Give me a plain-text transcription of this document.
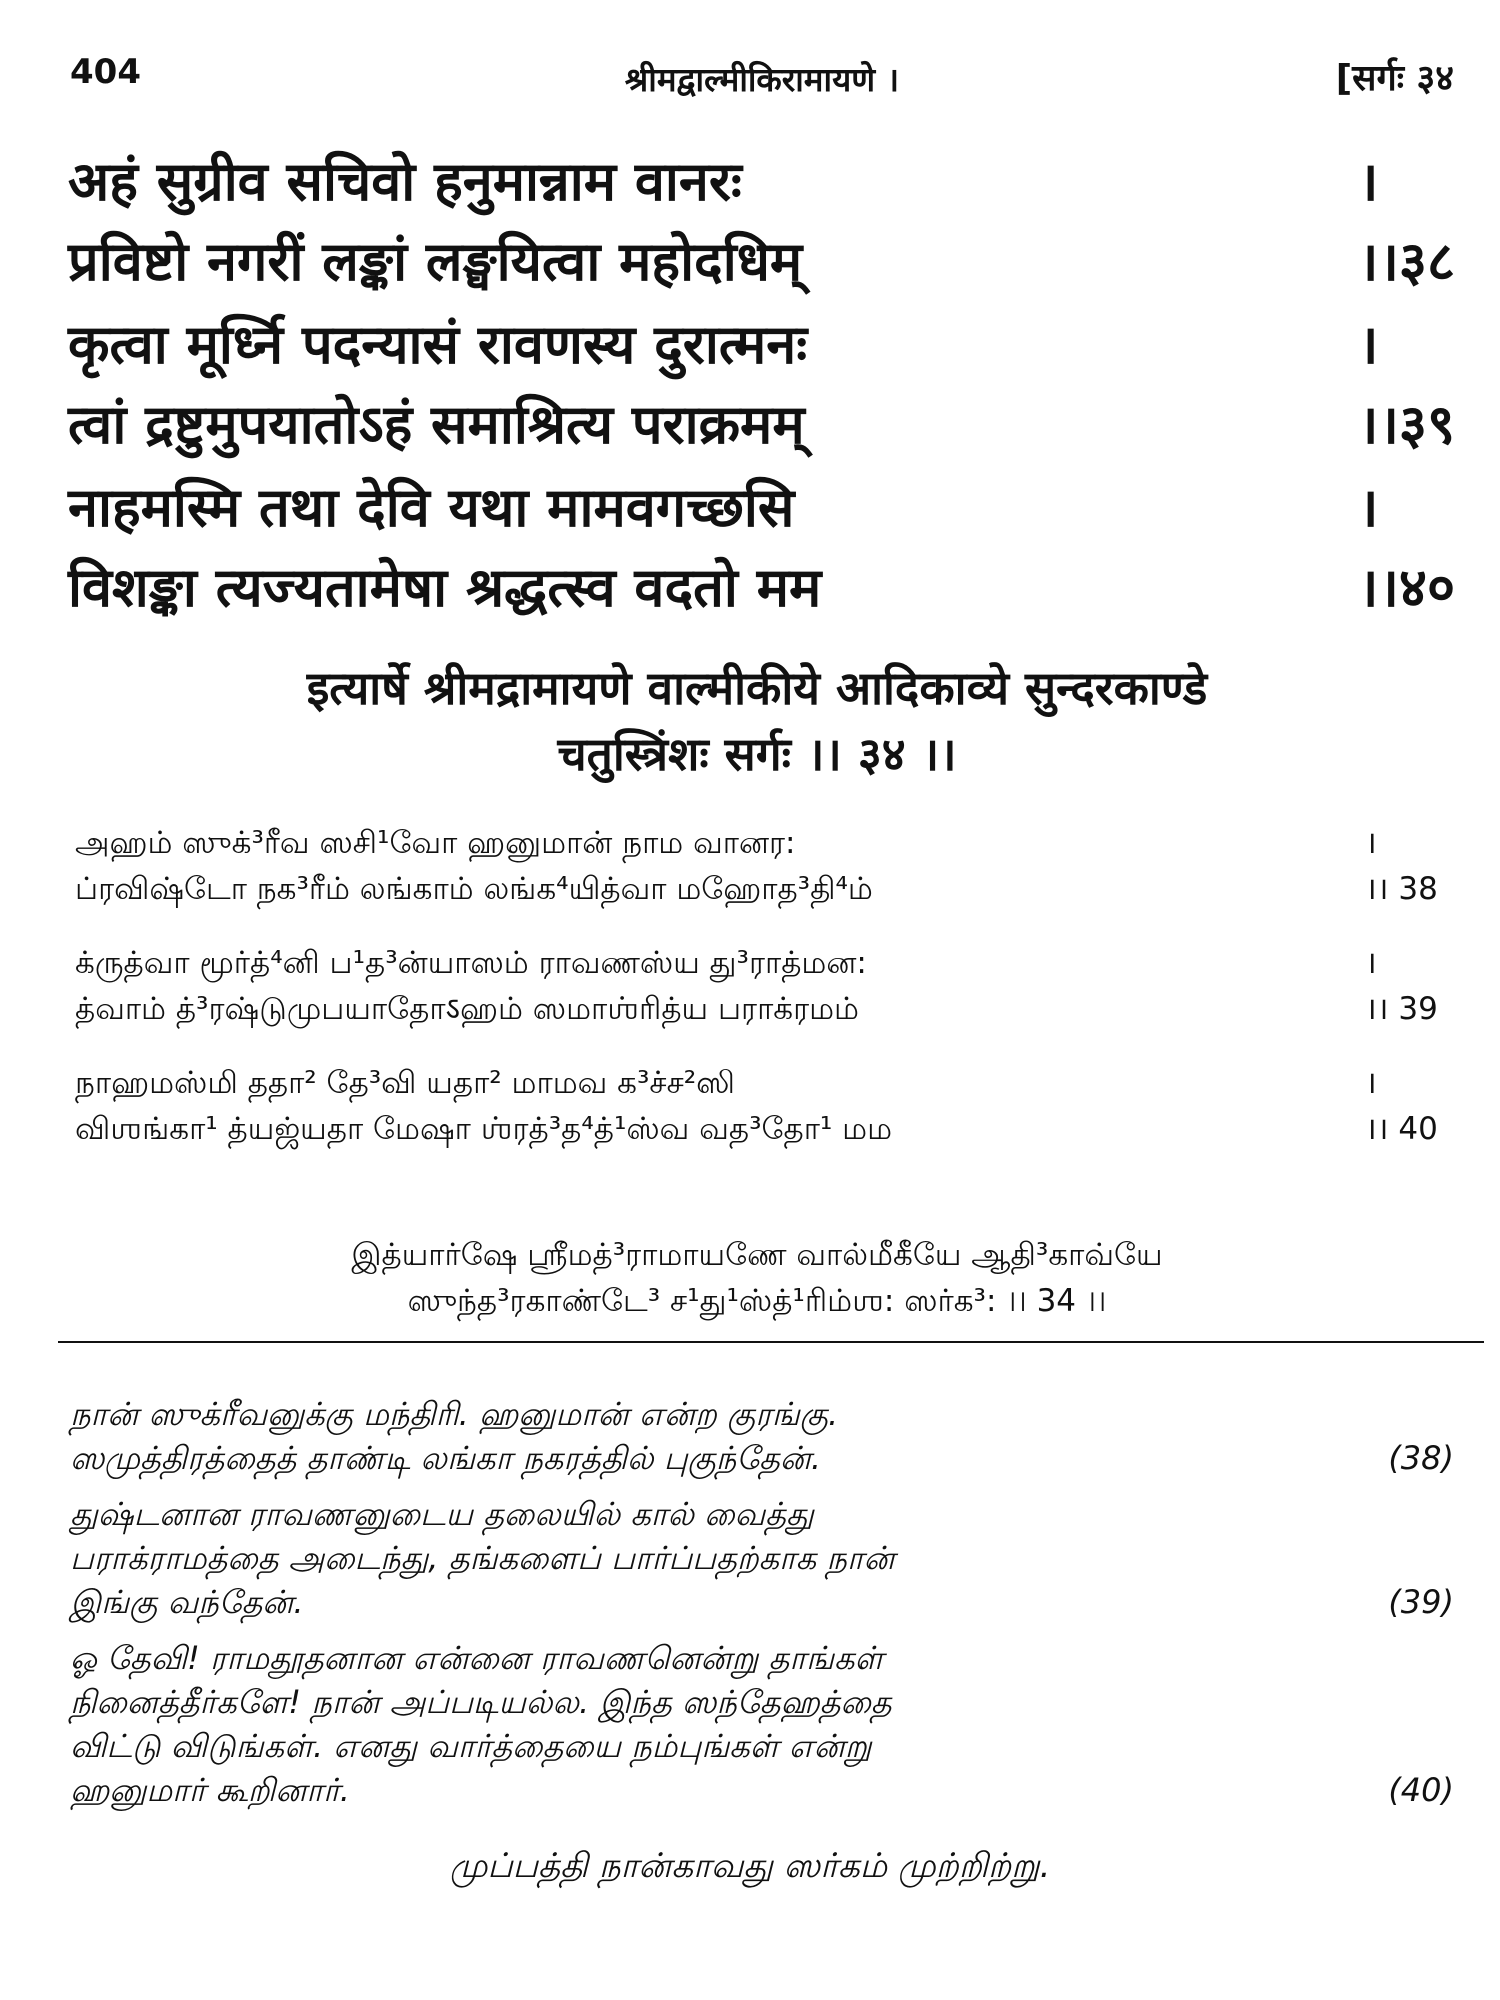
404	श्रीमद्वाल्मीकिरामायणे ।	[सर्गः ३४
अहं सुग्रीव सचिवो हनुमान्नाम वानरः	।
प्रविष्टो नगरीं लङ्कां लङ्घयित्वा महोदधिम्	।।३८
कृत्वा मूर्ध्नि पदन्यासं रावणस्य दुरात्मनः	।
त्वां द्रष्टुमुपयातोऽहं समाश्रित्य पराक्रमम्	।।३९
नाहमस्मि तथा देवि यथा मामवगच्छसि	।
विशङ्का त्यज्यतामेषा श्रद्धत्स्व वदतो मम	।।४०
इत्यार्षे श्रीमद्रामायणे वाल्मीकीये आदिकाव्ये सुन्दरकाण्डे
चतुस्त्रिंशः सर्गः ।। ३४ ।।
அஹம் ஸுக்³ரீவ ஸசி¹வோ ஹனுமான் நாம வானர:	।
ப்ரவிஷ்டோ நக³ரீம் லங்காம் லங்க⁴யித்வா மஹோத³தி⁴ம்	।। 38
க்ருத்வா மூர்த்⁴னி ப¹த³ன்யாஸம் ராவணஸ்ய து³ராத்மன:	।
த்வாம் த்³ரஷ்டுமுபயாதோऽஹம் ஸமாஶ்ரித்ய பராக்ரமம்	।। 39
நாஹமஸ்மி ததா² தே³வி யதா² மாமவ க³ச்ச²ஸி	।
விஶங்கா¹ த்யஜ்யதா மேஷா ஶ்ரத்³த⁴த்¹ஸ்வ வத³தோ¹ மம	।। 40
இத்யார்ஷே ஶ்ரீமத்³ராமாயணே வால்மீகீயே ஆதி³காவ்யே
ஸுந்த³ரகாண்டே³ ச¹து¹ஸ்த்¹ரிம்ஶ: ஸர்க³: ।। 34 ।।
நான் ஸுக்ரீவனுக்கு மந்திரி. ஹனுமான் என்ற குரங்கு.
ஸமுத்திரத்தைத் தாண்டி லங்கா நகரத்தில் புகுந்தேன்.	(38)
துஷ்டனான ராவணனுடைய தலையில் கால் வைத்து
பராக்ராமத்தை அடைந்து, தங்களைப் பார்ப்பதற்காக நான்
இங்கு வந்தேன்.	(39)
ஓ தேவி! ராமதூதனான என்னை ராவணனென்று தாங்கள்
நினைத்தீர்களே! நான் அப்படியல்ல. இந்த ஸந்தேஹத்தை
விட்டு விடுங்கள். எனது வார்த்தையை நம்புங்கள் என்று
ஹனுமார் கூறினார்.	(40)
முப்பத்தி நான்காவது ஸர்கம் முற்றிற்று.
